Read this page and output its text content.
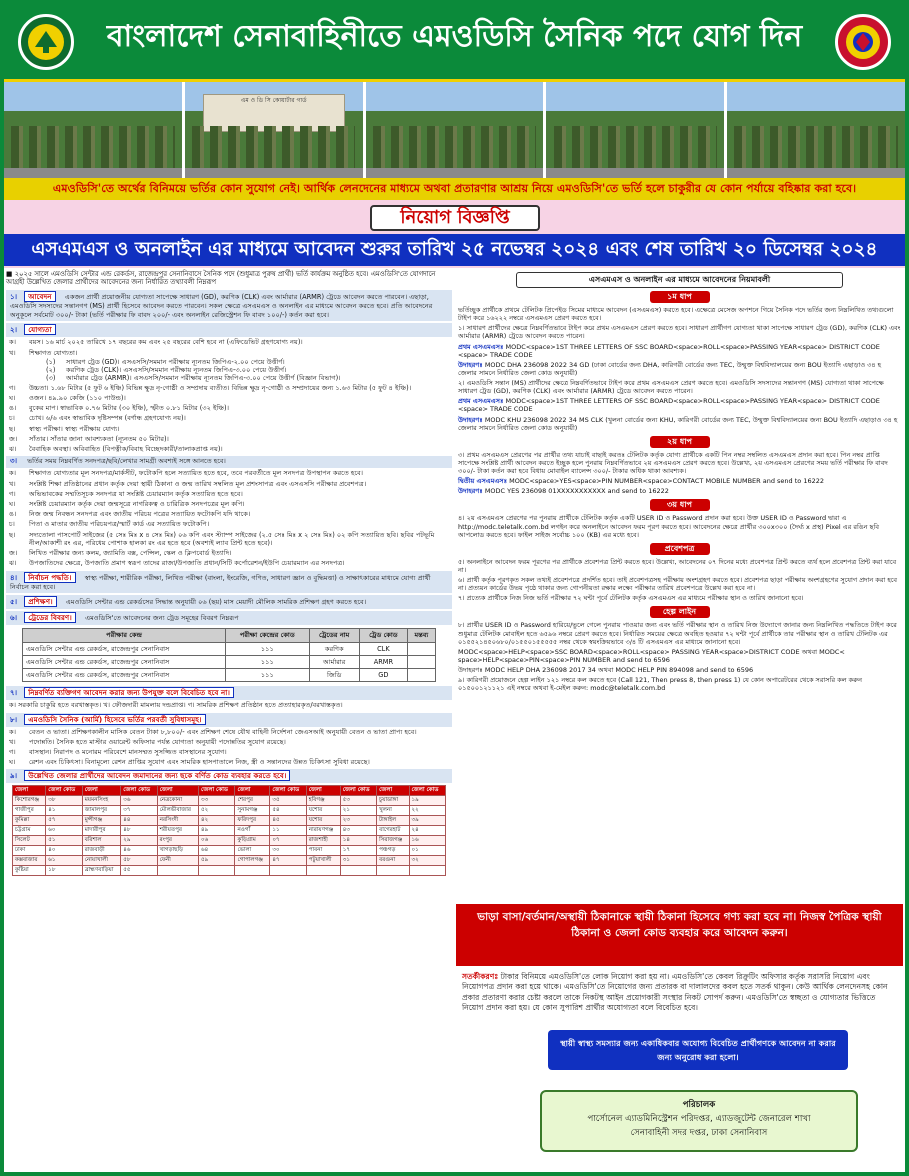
বাংলাদেশ সেনাবাহিনীতে এমওডিসি সৈনিক পদে যোগ দিন
এম ও ডি সি কোয়ার্টার গার্ড
এমওডিসি'তে অর্থের বিনিময়ে ভর্তির কোন সুযোগ নেই। আর্থিক লেনদেনের মাধ্যমে অথবা প্রতারণার আশ্রয় নিয়ে এমওডিসি'তে ভর্তি হলে চাকুরীর যে কোন পর্যায়ে বহিষ্কার করা হবে।
নিয়োগ বিজ্ঞপ্তি
এসএমএস ও অনলাইন এর মাধ্যমে আবেদন শুরুর তারিখ ২৫ নভেম্বর ২০২৪ এবং শেষ তারিখ ২০ ডিসেম্বর ২০২৪
■ ২০২৫ সালে এমওডিসি সেন্টার এন্ড রেকর্ডস, রাজেন্দ্রপুর সেনানিবাসে সৈনিক পদে (শুধুমাত্র পুরুষ প্রার্থী) ভর্তি কার্যক্রম অনুষ্ঠিত হবে। এমওডিসি'তে যোগদানে আগ্রহী উল্লেখিত জেলার প্রার্থীদের আবেদনের জন্য নির্ধারিত তথ্যাবলী নিম্নরূপ
১। আবেদন একজন প্রার্থী প্রয়োজনীয় যোগ্যতা সাপেক্ষে সাধারণ (GD), করণিক (CLK) এবং আর্মারার (ARMR) ট্রেডে আবেদন করতে পারবেন। এছাড়া, এমওডিসি সদস্যদের সন্তানগণ (MS) প্রার্থী হিসেবে আবেদন করতে পারবেন। সকল ক্ষেত্রে এসএমএস ও অনলাইন এর মাধ্যমে আবেদন করতে হবে। প্রতি আবেদনের অনুকূলে সর্বমোট ৩০০/- টাকা (ভর্তি পরীক্ষার ফি বাবদ ২০০/- এবং অনলাইন রেজিস্ট্রেশন ফি বাবদ ১০০/-) কর্তন করা হবে।
২। যোগ্যতা
ক।	বয়স। ১৬ মার্চ ২০২৫ তারিখে ১৭ বছরের কম এবং ২৫ বছরের বেশি হবে না (এফিডেভিট গ্রহণযোগ্য নয়)।
খ।	শিক্ষাগত যোগ্যতা।
(১)	সাধারণ ট্রেড (GD)। এসএসসি/সমমান পরীক্ষায় ন্যূনতম জিপিএ-২.০০ পেয়ে উত্তীর্ণ।
(২)	করণিক ট্রেড (CLK)। এসএসসি/সমমান পরীক্ষায় ন্যূনতম জিপিএ-৩.০০ পেয়ে উত্তীর্ণ।
(৩)	আর্মারার ট্রেড (ARMR)। এসএসসি/সমমান পরীক্ষায় ন্যূনতম জিপিএ-৩.০০ পেয়ে উত্তীর্ণ (বিজ্ঞান বিভাগ)।
গ।	উচ্চতা। ১.৬৮ মিটার (৫ ফুট ৬ ইঞ্চি) বিভিন্ন ক্ষুদ্র নৃ-গোষ্ঠী ও সম্প্রদায় ব্যতীত। বিভিন্ন ক্ষুদ্র নৃ-গোষ্ঠী ও সম্প্রদায়ের জন্য ১.৬৩ মিটার (৫ ফুট ৪ ইঞ্চি)।
ঘ।	ওজন। ৪৯.৯০ কেজি (১১০ পাউন্ড)।
ঙ।	বুকের মাপ। স্বাভাবিক ০.৭৬ মিটার (৩০ ইঞ্চি), স্ফীত ০.৮১ মিটার (৩২ ইঞ্চি)।
চ।	চোখ। ৬/৬ এবং স্বাভাবিক দৃষ্টিসম্পন্ন (বর্ণান্ধ গ্রহণযোগ্য নয়)।
ছ।	স্বাস্থ্য পরীক্ষা। স্বাস্থ্য পরীক্ষায় যোগ্য।
জ।	সাঁতার। সাঁতার জানা আবশ্যকতা (ন্যূনতম ৫০ মিটার)।
ঝ।	বৈবাহিক অবস্থা। অবিবাহিত (বিপত্নীক/বিবাহ বিচ্ছেদকারী/তালাকপ্রাপ্ত নয়)।
৩। ভর্তির সময় নিম্নবর্ণিত সনদপত্র/ছবি/লেখার সামগ্রী অবশ্যই সঙ্গে আনতে হবে।
ক।	শিক্ষাগত যোগ্যতার মূল সনদপত্র/মার্কসীট, ফটোকপি হলে সত্যায়িত হতে হবে, তবে পরবর্তীতে মূল সনদপত্র উপস্থাপন করতে হবে।
খ।	সংশ্লিষ্ট শিক্ষা প্রতিষ্ঠানের প্রধান কর্তৃক দেয়া স্থায়ী ঠিকানা ও জন্ম তারিখ সম্বলিত মূল প্রশংসাপত্র এবং এসএসসি পরীক্ষার প্রবেশপত্র।
গ।	অভিভাবকের সম্মতিসূচক সনদপত্র যা সংশ্লিষ্ট চেয়ারম্যান কর্তৃক সত্যায়িত হতে হবে।
ঘ।	সংশ্লিষ্ট চেয়ারম্যান কর্তৃক দেয়া জন্মসূত্রে নাগরিকত্ব ও চারিত্রিক সনদপত্রের মূল কপি।
ঙ।	নিজ জন্ম নিবন্ধন সনদপত্র এবং জাতীয় পরিচয় পত্রের সত্যায়িত ফটোকপি যদি থাকে।
চ।	পিতা ও মাতার জাতীয় পরিচয়পত্র/স্মার্ট কার্ড এর সত্যায়িত ফটোকপি।
ছ।	সদ্যতোলা পাসপোর্ট সাইজের (৫ সেঃ মিঃ x ৪ সেঃ মিঃ) ০৬ কপি এবং স্ট্যাম্প সাইজের (২.৫ সেঃ মিঃ x ২ সেঃ মিঃ) ০২ কপি সত্যায়িত ছবি। ছবির পটভূমি নীল/আকাশী রং এর, পরিধেয় পোশাক হালকা রং এর হতে হবে (অবশ্যই ল্যাব প্রিন্ট হতে হবে)।
জ।	লিখিত পরীক্ষার জন্য কলম, জ্যামিতি বক্স, পেন্সিল, স্কেল ও ক্লিপবোর্ড ইত্যাদি।
ঝ।	উপজাতিদের ক্ষেত্রে, উপজাতি প্রমাণ স্বরূপ তাদের রাজা/উপজাতি প্রধান/সিটি কর্পোরেশন/ইউপি চেয়ারম্যান এর সনদপত্র।
৪। নির্বাচন পদ্ধতি। স্বাস্থ্য পরীক্ষা, শারীরিক পরীক্ষা, লিখিত পরীক্ষা (বাংলা, ইংরেজি, গণিত, সাধারণ জ্ঞান ও বুদ্ধিমত্তা) ও সাক্ষাৎকারের মাধ্যমে যোগ্য প্রার্থী নির্বাচন করা হবে।
৫। প্রশিক্ষণ। এমওডিসি সেন্টার এন্ড রেকর্ডসের সিদ্ধান্ত অনুযায়ী ০৬ (ছয়) মাস মেয়াদী মৌলিক সামরিক প্রশিক্ষণ গ্রহণ করতে হবে।
৬। ট্রেডের বিবরণ। এমওডিসি'তে আবেদনের জন্য ট্রেড সমূহের বিবরণ নিম্নরূপ
পরীক্ষার কেন্দ্র	পরীক্ষা কেন্দ্রের কোড	ট্রেডের নাম	ট্রেড কোড	মন্তব্য
এমওডিসি সেন্টার এন্ড রেকর্ডস, রাজেন্দ্রপুর সেনানিবাস	১১১	করণিক	CLK	
এমওডিসি সেন্টার এন্ড রেকর্ডস, রাজেন্দ্রপুর সেনানিবাস	১১১	আর্মারার	ARMR	
এমওডিসি সেন্টার এন্ড রেকর্ডস, রাজেন্দ্রপুর সেনানিবাস	১১১	জিডি	GD	
৭। নিম্নবর্ণিত ব্যক্তিগণ আবেদন করার জন্য উপযুক্ত বলে বিবেচিত হবে না।
ক। সরকারি চাকুরি হতে বরখাস্তকৃত। খ। ফৌজদারী মামলায় দন্ডপ্রাপ্ত। গ। সামরিক প্রশিক্ষণ প্রতিষ্ঠান হতে প্রত্যাহারকৃত/বরখাস্তকৃত।
৮। এমওডিসি সৈনিক (আর্মি) হিসেবে ভর্তির পরবর্তী সুবিধাসমূহ।
ক।	বেতন ও ভাতা। প্রশিক্ষণকালীন মাসিক বেতন টাকা ৮,৮০০/- এবং প্রশিক্ষণ শেষে যৌথ বাহিনী নির্দেশনা জেএসআই অনুযায়ী বেতন ও ভাতা প্রাপ্য হবে।
খ।	পদোন্নতি। সৈনিক হতে মাস্টার ওয়ারেন্ট অফিসার পর্যন্ত যোগ্যতা অনুযায়ী পদোন্নতির সুযোগ রয়েছে।
গ।	বাসস্থান। নিরাপদ ও মনোরম পরিবেশে মানসম্মত সুসজ্জিত বাসস্থানের সুযোগ।
ঘ।	রেশন এবং চিকিৎসা। বিনামূল্যে রেশন প্রাপ্তির সুযোগ এবং সামরিক হাসপাতালে নিজ, স্ত্রী ও সন্তানদের উন্নত চিকিৎসা সুবিধা রয়েছে।
৯। উল্লেখিত জেলার প্রার্থীদের আবেদন জমাদানের জন্য ছকে বর্ণিত কোড ব্যবহার করতে হবে।
জেলা	জেলা কোড	জেলা	জেলা কোড	জেলা	জেলা কোড	জেলা	জেলা কোড	জেলা	জেলা কোড	জেলা	জেলা কোড
কিশোরগঞ্জ	৩৮	ময়মনসিংহ	৩৬	নেত্রকোনা	৩৩	শেরপুর	৩৫	হবিগঞ্জ	৫৩	চুয়াডাঙ্গা	১৯
গাজীপুর	৪১	জামালপুর	৩৭	মৌলভীবাজার	৫২	সুনামগঞ্জ	৫৪	যশোর	২১	খুলনা	২২
কুমিল্লা	৫৭	মুন্সীগঞ্জ	৪৪	নরসিংদী	৪২	ফরিদপুর	৪৫	যশোর	২৩	টাঙ্গাইল	৩৯
চট্টগ্রাম	৬০	মাদারীপুর	৪৮	শরীয়তপুর	৪৯	নওগাঁ	১১	নারায়ণগঞ্জ	৪৩	বাগেরহাট	২৪
সিলেট	৫১	বরিশাল	২৯	রংপুর	০৬	কুড়িগ্রাম	০৭	রাজশাহী	১৪	সিরাজগঞ্জ	১৬
ঢাকা	৪০	রাজবাড়ী	৪৬	খাগড়াছড়ি	৬৪	ভোলা	৩০	পাবনা	১৭	পঞ্চগড়	০১
কক্সবাজার	৬১	নোয়াখালী	৫৮	ফেনী	৫৯	গোপালগঞ্জ	৪৭	পটুয়াখালী	৩১	বরগুনা	৩২
কুষ্টিয়া	১৮	ব্রাহ্মণবাড়িয়া	৫৫								
এসএমএস ও অনলাইন এর মাধ্যমে আবেদনের নিয়মাবলী
১ম ধাপ
ভর্তিচ্ছুক প্রার্থীকে প্রথমে টেলিটক প্রিপেইড সিমের মাধ্যমে আবেদন (এসএমএস) করতে হবে। এক্ষেত্রে মেসেজ অপশনে গিয়ে সৈনিক পদে ভর্তির জন্য নিম্নলিখিত তথ্যগুলো টাইপ করে ১৬২২২ নম্বরে এসএমএস প্রেরণ করতে হবে।
১। সাধারণ প্রার্থীদের ক্ষেত্রে নিম্নবর্ণিতভাবে টাইপ করে প্রথম এসএমএস প্রেরণ করতে হবে। সাধারণ প্রার্থীগণ যোগ্যতা থাকা সাপেক্ষে সাধারণ ট্রেড (GD), করণিক (CLK) এবং আর্মারার (ARMR) ট্রেডে আবেদন করতে পারেন।
প্রথম এসএমএসঃ MODC<space>1ST THREE LETTERS OF SSC BOARD<space>ROLL<space>PASSING YEAR<space> DISTRICT CODE <space> TRADE CODE
উদাহরণঃ MODC DHA 236098 2022 34 GD (ঢাকা বোর্ডের জন্য DHA, কারিগরী বোর্ডের জন্য TEC, উন্মুক্ত বিশ্ববিদ্যালয়ের জন্য BOU ইত্যাদি এছাড়াও ৩৪ হ জেলার সামনে নির্ধারিত জেলা কোড অনুযায়ী)
২। এমওডিসি সন্তান (MS) প্রার্থীদের ক্ষেত্রে নিম্নবর্ণিতভাবে টাইপ করে প্রথম এসএমএস প্রেরণ করতে হবে। এমওডিসি সদস্যদের সন্তানগণ (MS) যোগ্যতা থাকা সাপেক্ষে সাধারণ ট্রেড (GD), করণিক (CLK) এবং আর্মারার (ARMR) ট্রেডে আবেদন করতে পারেন।
প্রথম এসএমএসঃ MODC<space>1ST THREE LETTERS OF SSC BOARD<space>ROLL<space>PASSING YEAR<space> DISTRICT CODE <space> TRADE CODE
উদাহরণঃ MODC KHU 236098 2022 34 MS CLK (খুলনা বোর্ডের জন্য KHU, কারিগরী বোর্ডের জন্য TEC, উন্মুক্ত বিশ্ববিদ্যালয়ের জন্য BOU ইত্যাদি এছাড়াও ৩৪ হ জেলার সামনে নির্ধারিত জেলা কোড অনুযায়ী)
২য় ধাপ
৩। প্রথম এসএমএস প্রেরণের পর প্রার্থীর তথ্য যাচাই বাছাই করতঃ টেলিটক কর্তৃক যোগ্য প্রার্থীকে একটি পিন নম্বর সম্বলিত এসএমএস প্রদান করা হবে। পিন নম্বর প্রাপ্তি সাপেক্ষে সংশ্লিষ্ট প্রার্থী আবেদন করতে ইচ্ছুক হলে পুনরায় নিম্নবর্ণিতভাবে ২য় এসএমএস প্রেরণ করতে হবে। উল্লেখ্য, ২য় এসএমএস প্রেরণের সময় ভর্তি পরীক্ষার ফি বাবদ ৩০০/- টাকা কর্তন করা হবে বিধায় মোবাইল ব্যালেন্স ৩০০/- টাকার অধিক থাকা আবশ্যক।
দ্বিতীয় এসএমএসঃ MODC<space>YES<space>PIN NUMBER<space>CONTACT MOBILE NUMBER and send to 16222
উদাহরণঃ MODC YES 236098 01XXXXXXXXXXX and send to 16222
৩য় ধাপ
৪। ২য় এসএমএস প্রেরণের পর পুনরায় প্রার্থীকে টেলিটক কর্তৃক একটি USER ID ও Password প্রদান করা হবে। উক্ত USER ID ও Password দ্বারা এ http://modc.teletalk.com.bd লগইন করে অনলাইনে আবেদন ফরম পূরণ করতে হবে। আবেদনের ক্ষেত্রে প্রার্থীর ৩০০x৩০০ (দৈর্ঘ্য x প্রস্থ) Pixel এর রঙিন ছবি আপলোড করতে হবে। ফাইল সাইজ সর্বোচ্চ ১০০ (KB) এর মধ্যে হবে।
প্রবেশপত্র
৫। অনলাইনে আবেদন ফরম পূরণের পর প্রার্থীকে প্রবেশপত্র প্রিন্ট করতে হবে। উল্লেখ্য, আবেদনের ০৭ দিনের মধ্যে প্রবেশপত্র প্রিন্ট করতে ব্যর্থ হলে প্রবেশপত্র প্রিন্ট করা যাবে না।
৬। প্রার্থী কর্তৃক পূরণকৃত সকল তথ্যই প্রবেশপত্রে প্রদর্শিত হবে। তাই প্রবেশপত্রসহ পরীক্ষায় অংশগ্রহণ করতে হবে। প্রবেশপত্র ছাড়া পরীক্ষায় অংশগ্রহণের সুযোগ প্রদান করা হবে না। প্রত্যয়ন কার্ডের উভয় পৃষ্ঠে থাকার জন্য গোপনীয়তা রক্ষার লক্ষ্যে পরীক্ষার তারিখ প্রবেশপত্রে উল্লেখ করা হবে না।
৭। প্রত্যেক প্রার্থীকে নিজ নিজ ভর্তি পরীক্ষার ৭২ ঘন্টা পূর্বে টেলিটক কর্তৃক এসএমএস এর মাধ্যমে পরীক্ষার স্থান ও তারিখ জানানো হবে।
হেল্প লাইন
৮। প্রার্থীর USER ID ও Password হারিয়ে/ভুলে গেলে পুনরায় পাওয়ার জন্য এবং ভর্তি পরীক্ষার স্থান ও তারিখ নিজ উদ্যোগে জানার জন্য নিম্নলিখিত পদ্ধতিতে টাইপ করে শুধুমাত্র টেলিটক মোবাইল হতে ৬৫৯৬ নম্বরে প্রেরণ করতে হবে। নির্ধারিত সময়ের ক্ষেত্রে অবহিত হওয়ার ৭২ ঘন্টা পূর্বে প্রার্থীকে তার পরীক্ষার স্থান ও তারিখ টেলিটক এর ০১৫৫২১৪৫০৬৮০/০১৫৫০১৫৫৫৫৫ নম্বর থেকে স্বয়ংক্রিয়ভাবে ৩/৪ টি এসএমএস এর মাধ্যমে জানানো হবে।
MODC<space>HELP<space>SSC BOARD<space>ROLL<space> PASSING YEAR<space>DISTRICT CODE অথবা MODC< space>HELP<space>PIN<space>PIN NUMBER and send to 6596
উদাহরণঃ MODC HELP DHA 236098 2017 34 অথবা MODC HELP PIN 894098 and send to 6596
৯। কারিগরী প্রয়োজনে হেল্প লাইন ১২১ নম্বরে কল করতে হবে (Call 121, Then press 8, then press 1) যে কোন অপারেটরের থেকে সরাসরি কল করুন ০১৫০০১২১১২১ এই নম্বরে অথবা ই-মেইল করুন: modc@teletalk.com.bd
ভাড়া বাসা/বর্তমান/অস্থায়ী ঠিকানাকে স্থায়ী ঠিকানা হিসেবে গণ্য করা হবে না। নিজস্ব পৈত্রিক স্থায়ী ঠিকানা ও জেলা কোড ব্যবহার করে আবেদন করুন।
সতর্কীকরণঃ টাকার বিনিময়ে এমওডিসি'তে লোক নিয়োগ করা হয় না। এমওডিসি'তে কেবল রিক্রুটিং অফিসার কর্তৃক সরাসরি নিয়োগ এবং নিয়োগপত্র প্রদান করা হয়ে থাকে। এমওডিসি'তে নিয়োগের জন্য প্রতারক বা দালালদের কবল হতে সতর্ক থাকুন। কেউ আর্থিক লেনদেনসহ কোন প্রকার প্রতারণা করার চেষ্টা করলে তাকে নিকটস্থ আইন প্রয়োগকারী সংস্থার নিকট সোপর্দ করুন। এমওডিসি'তে স্বচ্ছতা ও যোগ্যতার ভিত্তিতে নিয়োগ প্রদান করা হয়। যে কোন সুপারিশ প্রার্থীর অযোগ্যতা বলে বিবেচিত হবে।
স্থায়ী স্বাস্থ্য সমস্যার জন্য একাধিকবার অযোগ্য বিবেচিত প্রার্থীগণকে আবেদন না করার জন্য অনুরোধ করা হলো।
পরিচালক
পার্সোনেল এ্যাডমিনিস্ট্রেশন পরিদপ্তর, এ্যাডজুটেন্ট জেনারেল শাখা
সেনাবাহিনী সদর দপ্তর, ঢাকা সেনানিবাস
